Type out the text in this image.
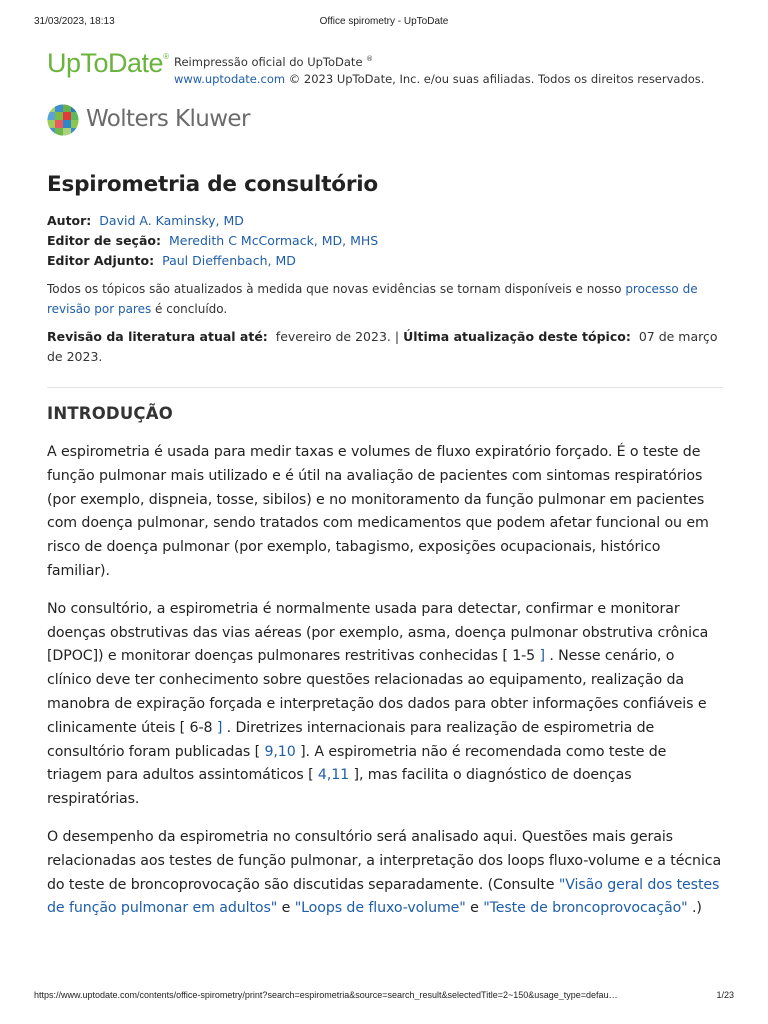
31/03/2023, 18:13	Office spirometry - UpToDate
UpToDate® Reimpressão oficial do UpToDate ®
www.uptodate.com © 2023 UpToDate, Inc. e/ou suas afiliadas. Todos os direitos reservados.
Wolters Kluwer
Espirometria de consultório
Autor: David A. Kaminsky, MD
Editor de seção: Meredith C McCormack, MD, MHS
Editor Adjunto: Paul Dieffenbach, MD
Todos os tópicos são atualizados à medida que novas evidências se tornam disponíveis e nosso processo de revisão por pares é concluído.
Revisão da literatura atual até: fevereiro de 2023. | Última atualização deste tópico: 07 de março de 2023.
INTRODUÇÃO

A espirometria é usada para medir taxas e volumes de fluxo expiratório forçado. É o teste de função pulmonar mais utilizado e é útil na avaliação de pacientes com sintomas respiratórios (por exemplo, dispneia, tosse, sibilos) e no monitoramento da função pulmonar em pacientes com doença pulmonar, sendo tratados com medicamentos que podem afetar funcional ou em risco de doença pulmonar (por exemplo, tabagismo, exposições ocupacionais, histórico familiar).

No consultório, a espirometria é normalmente usada para detectar, confirmar e monitorar doenças obstrutivas das vias aéreas (por exemplo, asma, doença pulmonar obstrutiva crônica [DPOC]) e monitorar doenças pulmonares restritivas conhecidas [ 1-5 ] . Nesse cenário, o clínico deve ter conhecimento sobre questões relacionadas ao equipamento, realização da manobra de expiração forçada e interpretação dos dados para obter informações confiáveis e clinicamente úteis [ 6-8 ] . Diretrizes internacionais para realização de espirometria de consultório foram publicadas [ 9,10 ]. A espirometria não é recomendada como teste de triagem para adultos assintomáticos [ 4,11 ], mas facilita o diagnóstico de doenças respiratórias.

O desempenho da espirometria no consultório será analisado aqui. Questões mais gerais relacionadas aos testes de função pulmonar, a interpretação dos loops fluxo-volume e a técnica do teste de broncoprovocação são discutidas separadamente. (Consulte "Visão geral dos testes de função pulmonar em adultos" e "Loops de fluxo-volume" e "Teste de broncoprovocação" .)

https://www.uptodate.com/contents/office-spirometry/print?search=espirometria&source=search_result&selectedTitle=2~150&usage_type=defau…	1/23
